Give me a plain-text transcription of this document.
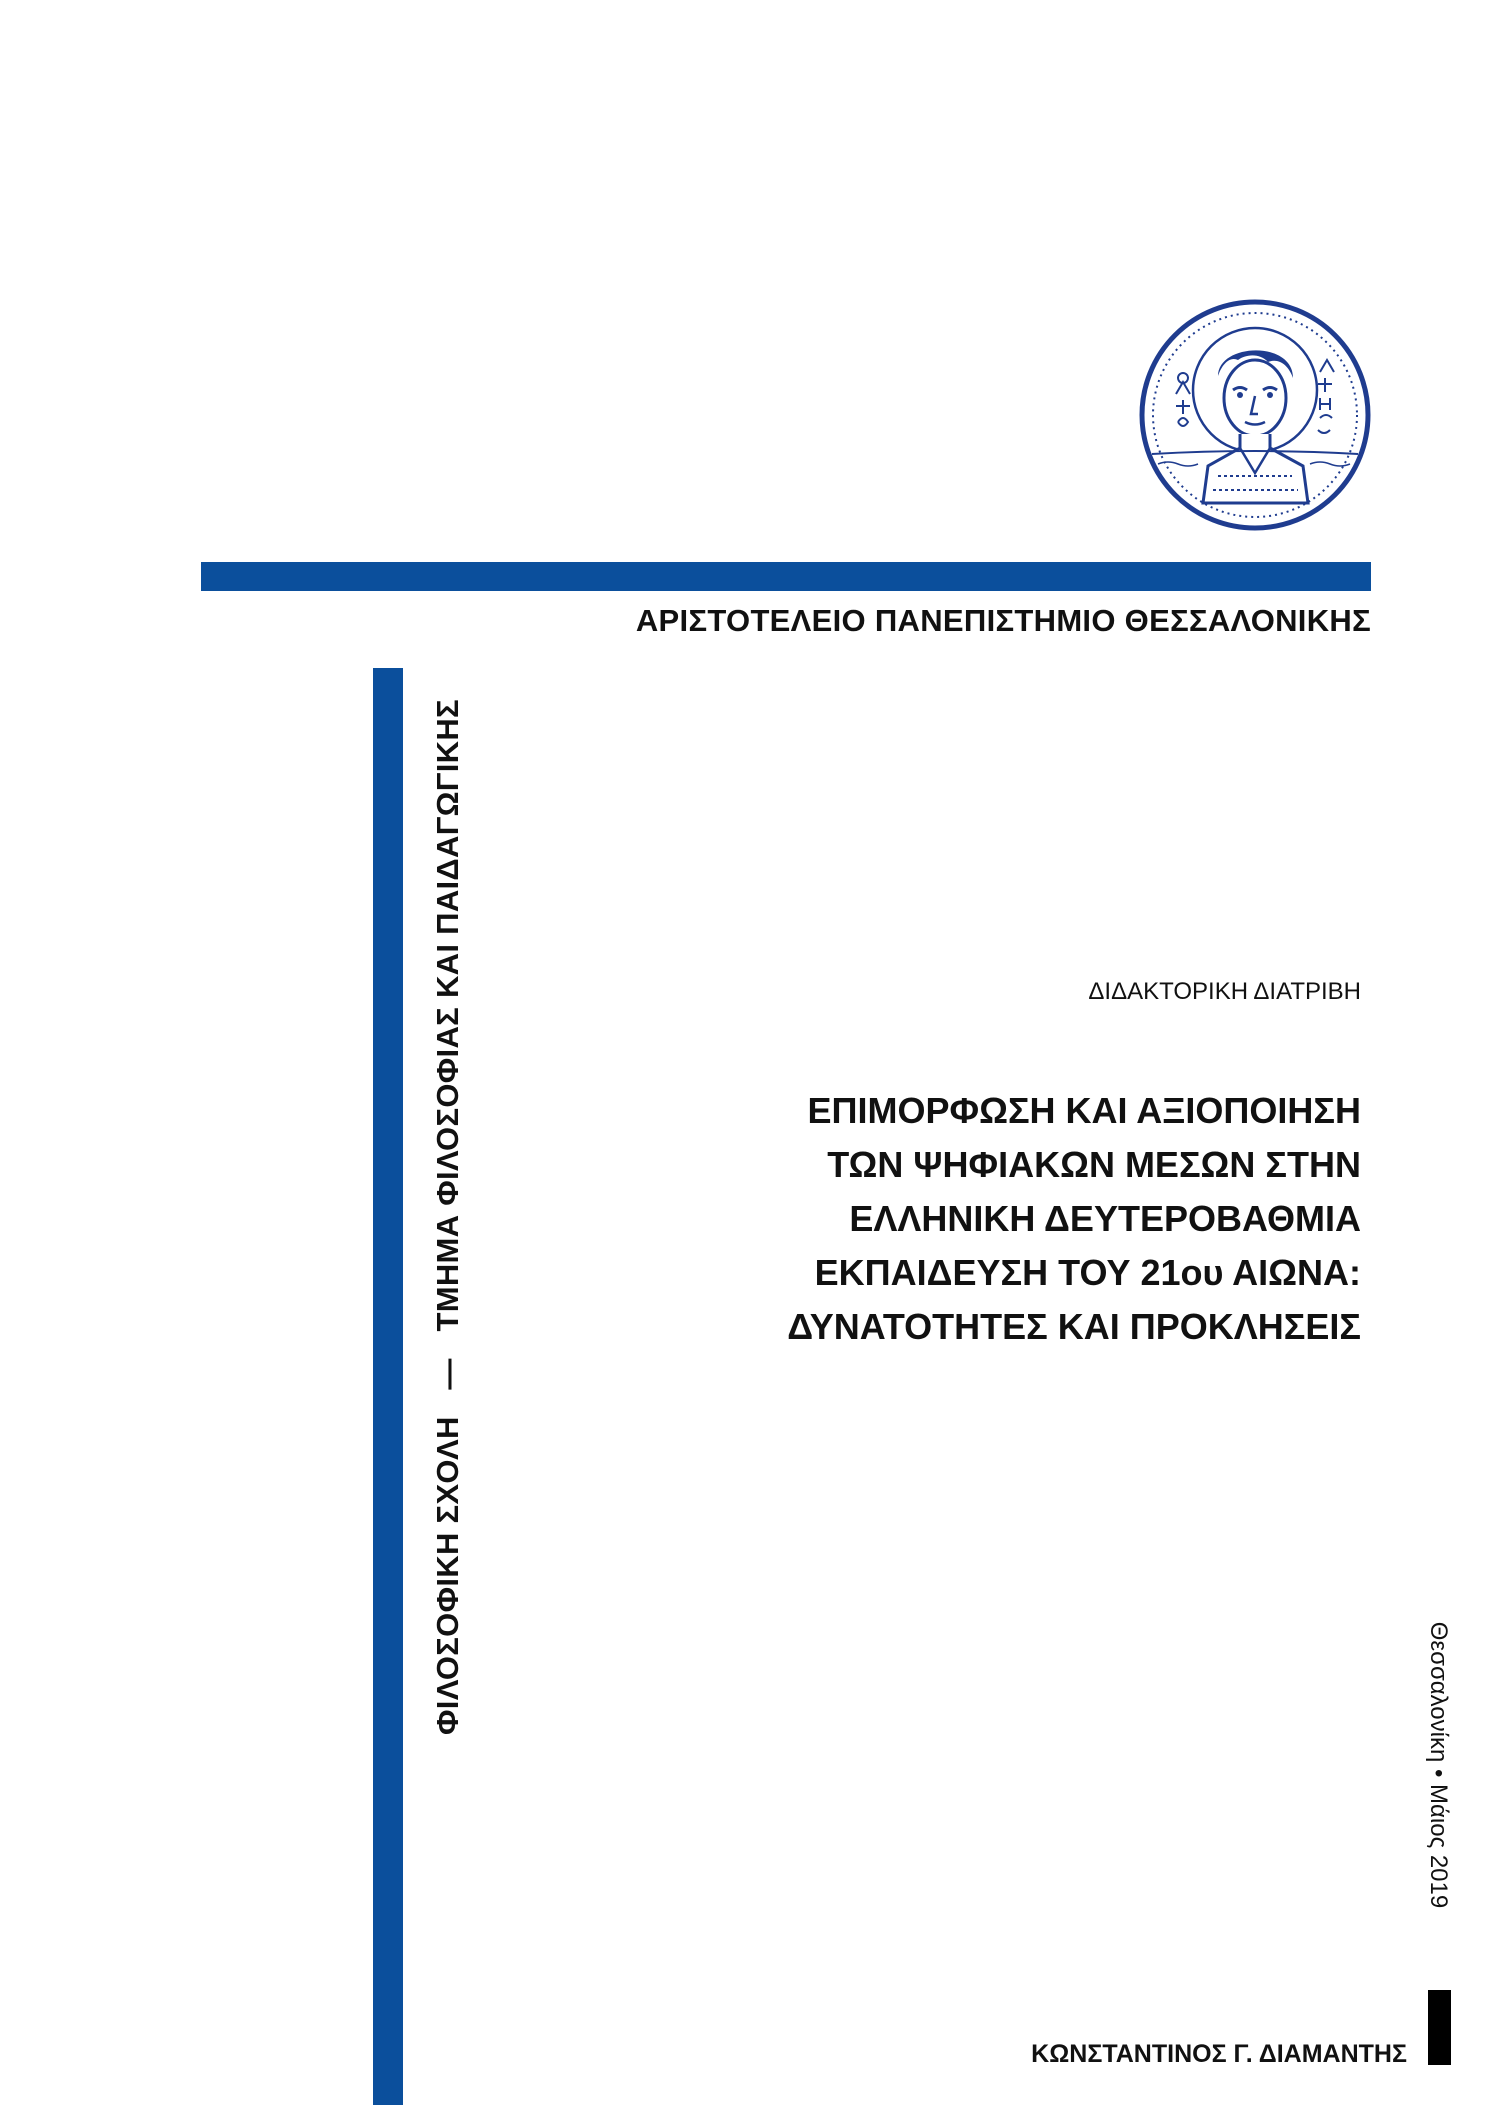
ΑΡΙΣΤΟΤΕΛΕΙΟ ΠΑΝΕΠΙΣΤΗΜΙΟ ΘΕΣΣΑΛΟΝΙΚΗΣ
ΦΙΛΟΣΟΦΙΚΗ ΣΧΟΛΗ   —   ΤΜΗΜΑ ΦΙΛΟΣΟΦΙΑΣ ΚΑΙ ΠΑΙΔΑΓΩΓΙΚΗΣ	ΔΙΔΑΚΤΟΡΙΚΗ ΔΙΑΤΡΙΒΗ
ΕΠΙΜΟΡΦΩΣΗ ΚΑΙ ΑΞΙΟΠΟΙΗΣΗ
ΤΩΝ ΨΗΦΙΑΚΩΝ ΜΕΣΩΝ ΣΤΗΝ
ΕΛΛΗΝΙΚΗ ΔΕΥΤΕΡΟΒΑΘΜΙΑ
ΕΚΠΑΙΔΕΥΣΗ ΤΟΥ 21ου ΑΙΩΝΑ:
ΔΥΝΑΤΟΤΗΤΕΣ ΚΑΙ ΠΡΟΚΛΗΣΕΙΣ
Θεσσαλονίκη • Μάιος 2019
ΚΩΝΣΤΑΝΤΙΝΟΣ Γ. ΔΙΑΜΑΝΤΗΣ
